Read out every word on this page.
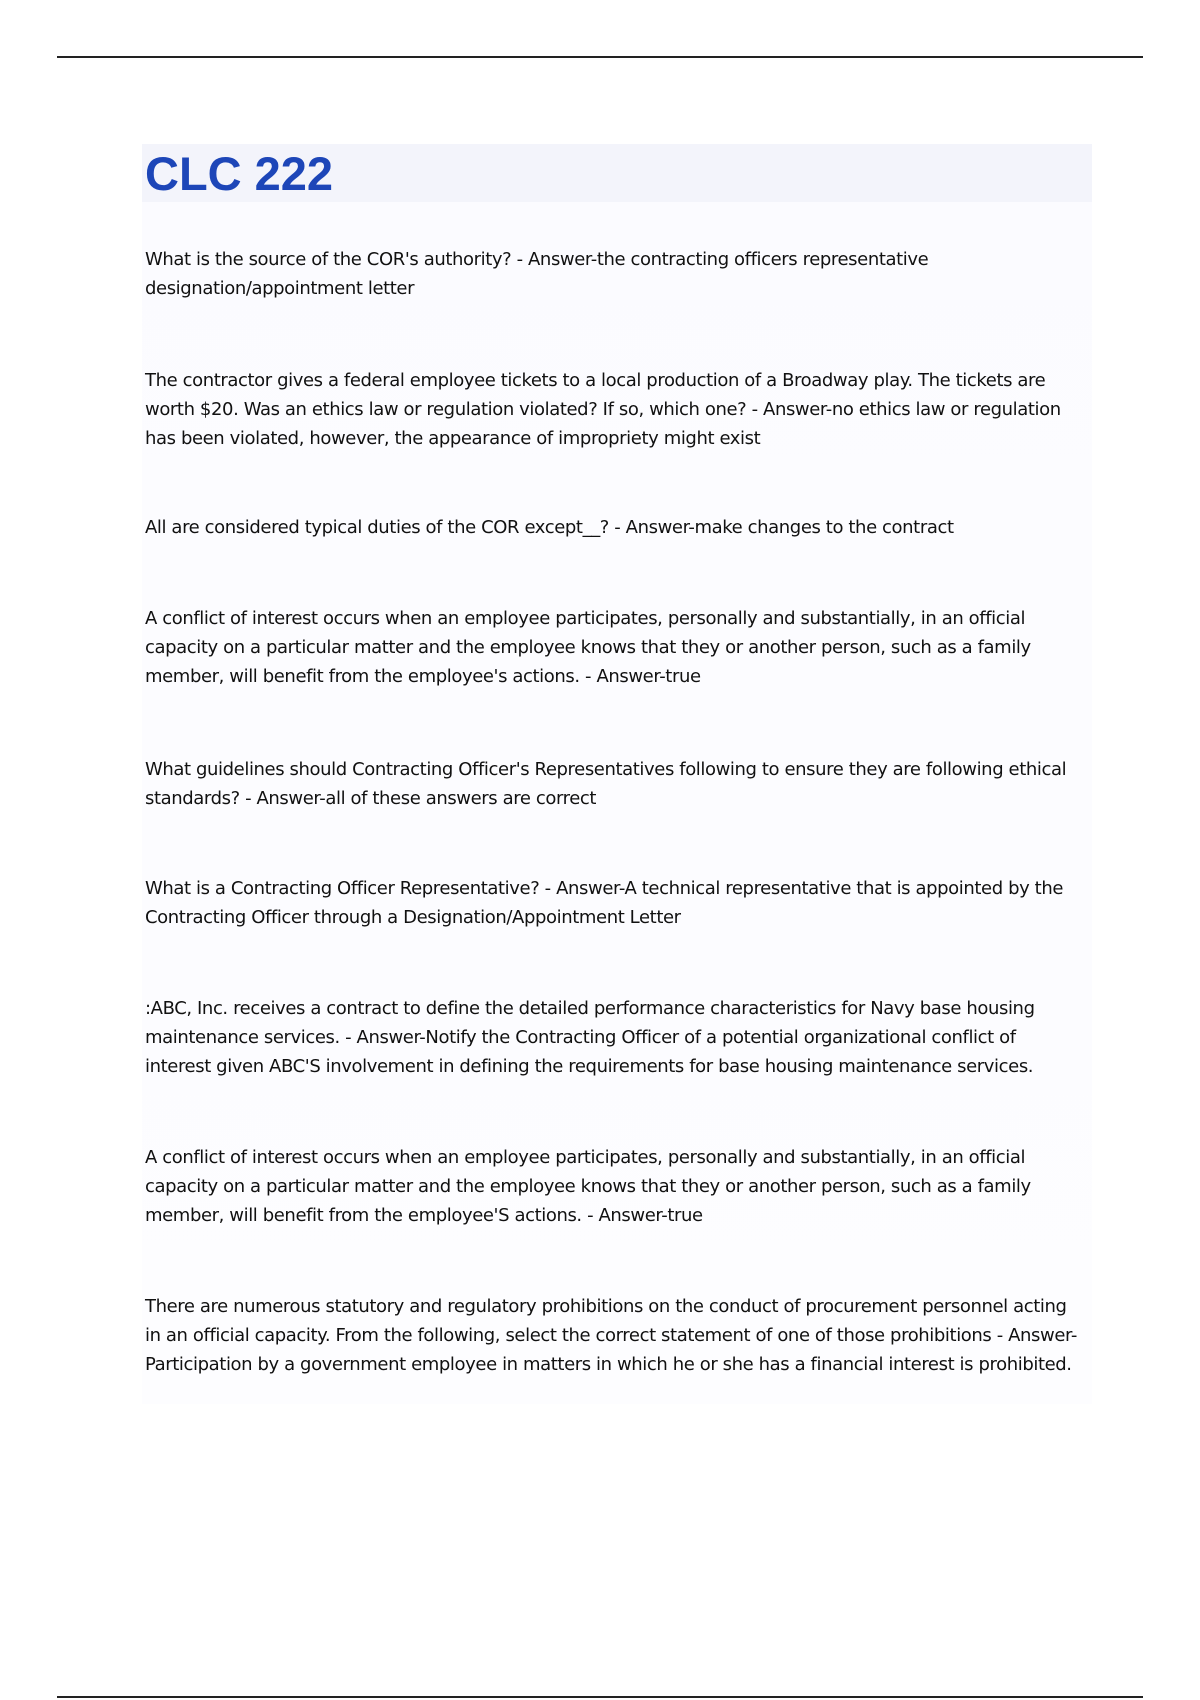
CLC 222

What is the source of the COR's authority? - Answer-the contracting officers representative designation/appointment letter

The contractor gives a federal employee tickets to a local production of a Broadway play. The tickets are worth $20. Was an ethics law or regulation violated? If so, which one? - Answer-no ethics law or regulation has been violated, however, the appearance of impropriety might exist

All are considered typical duties of the COR except__? - Answer-make changes to the contract

A conflict of interest occurs when an employee participates, personally and substantially, in an official capacity on a particular matter and the employee knows that they or another person, such as a family member, will benefit from the employee's actions. - Answer-true

What guidelines should Contracting Officer's Representatives following to ensure they are following ethical standards? - Answer-all of these answers are correct

What is a Contracting Officer Representative? - Answer-A technical representative that is appointed by the Contracting Officer through a Designation/Appointment Letter

:ABC, Inc. receives a contract to define the detailed performance characteristics for Navy base housing maintenance services. - Answer-Notify the Contracting Officer of a potential organizational conflict of interest given ABC'S involvement in defining the requirements for base housing maintenance services.

A conflict of interest occurs when an employee participates, personally and substantially, in an official capacity on a particular matter and the employee knows that they or another person, such as a family member, will benefit from the employee'S actions. - Answer-true

There are numerous statutory and regulatory prohibitions on the conduct of procurement personnel acting in an official capacity. From the following, select the correct statement of one of those prohibitions - Answer-Participation by a government employee in matters in which he or she has a financial interest is prohibited.
